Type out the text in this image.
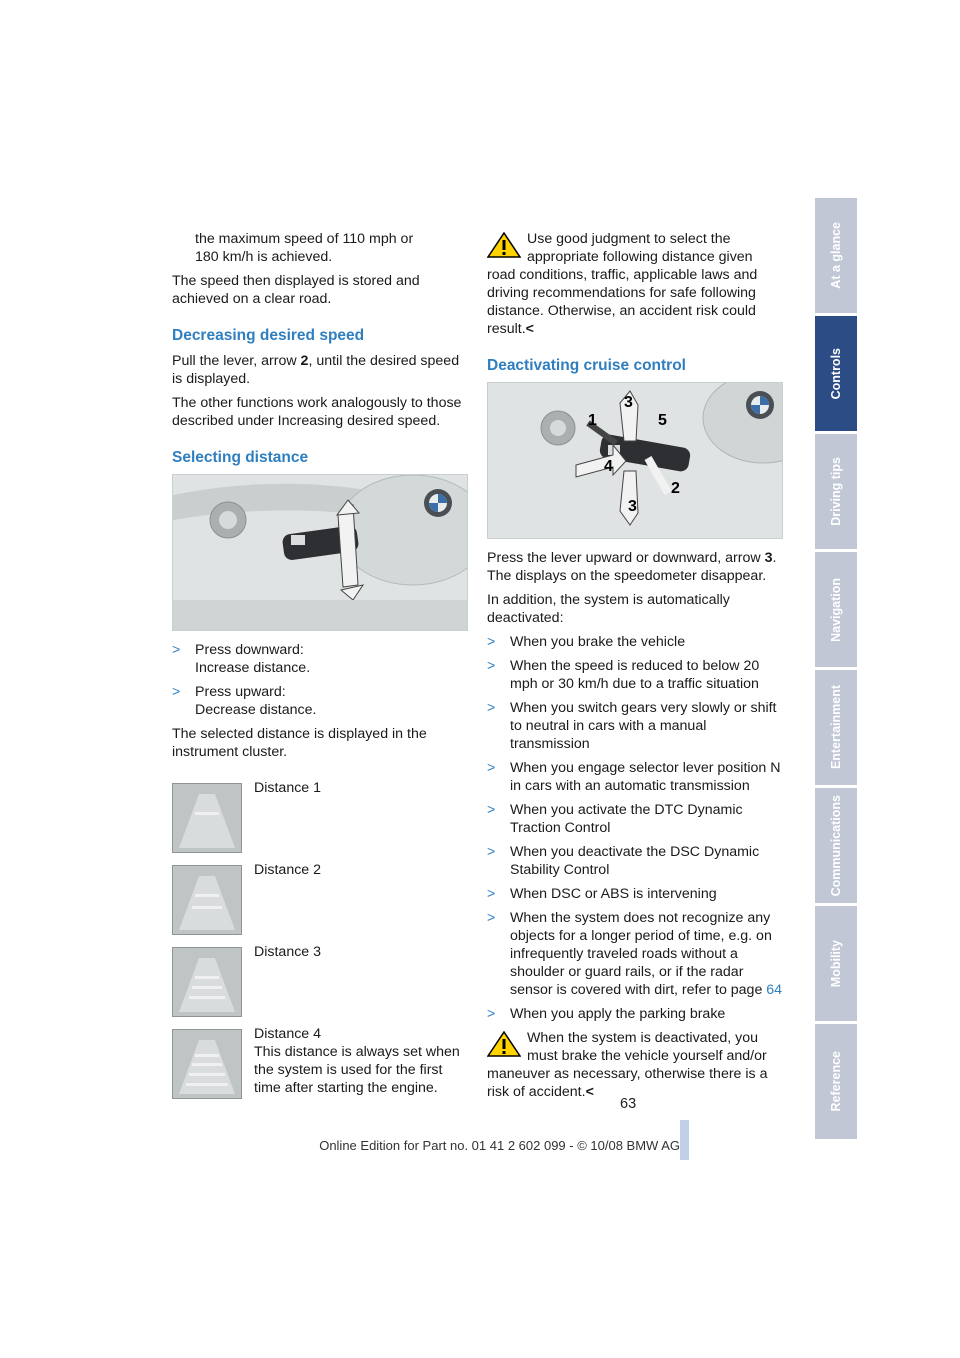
the maximum speed of 110 mph or
180 km/h is achieved.

The speed then displayed is stored and achieved on a clear road.

Decreasing desired speed

Pull the lever, arrow 2, until the desired speed is displayed.

The other functions work analogously to those described under Increasing desired speed.

Selecting distance
>	Press downward:
Increase distance.
>	Press upward:
Decrease distance.

The selected distance is displayed in the instrument cluster.

Distance 1
Distance 2
Distance 3
Distance 4
This distance is always set when the system is used for the first time after starting the engine.

Use good judgment to select the appropriate following distance given road conditions, traffic, applicable laws and driving recommendations for safe following distance. Otherwise, an accident risk could result.<

Deactivating cruise control
1
2
3
3
4
5

Press the lever upward or downward, arrow 3. The displays on the speedometer disappear.

In addition, the system is automatically deactivated:

>	When you brake the vehicle
>	When the speed is reduced to below 20 mph or 30 km/h due to a traffic situation
>	When you switch gears very slowly or shift to neutral in cars with a manual transmission
>	When you engage selector lever position N in cars with an automatic transmission
>	When you activate the DTC Dynamic Traction Control
>	When you deactivate the DSC Dynamic Stability Control
>	When DSC or ABS is intervening
>	When the system does not recognize any objects for a longer period of time, e.g. on infrequently traveled roads without a shoulder or guard rails, or if the radar sensor is covered with dirt, refer to page 64
>	When you apply the parking brake

When the system is deactivated, you must brake the vehicle yourself and/or maneuver as necessary, otherwise there is a risk of accident.<

At a glance
Controls
Driving tips
Navigation
Entertainment
Communications
Mobility
Reference
63
Online Edition for Part no. 01 41 2 602 099 - © 10/08 BMW AG
